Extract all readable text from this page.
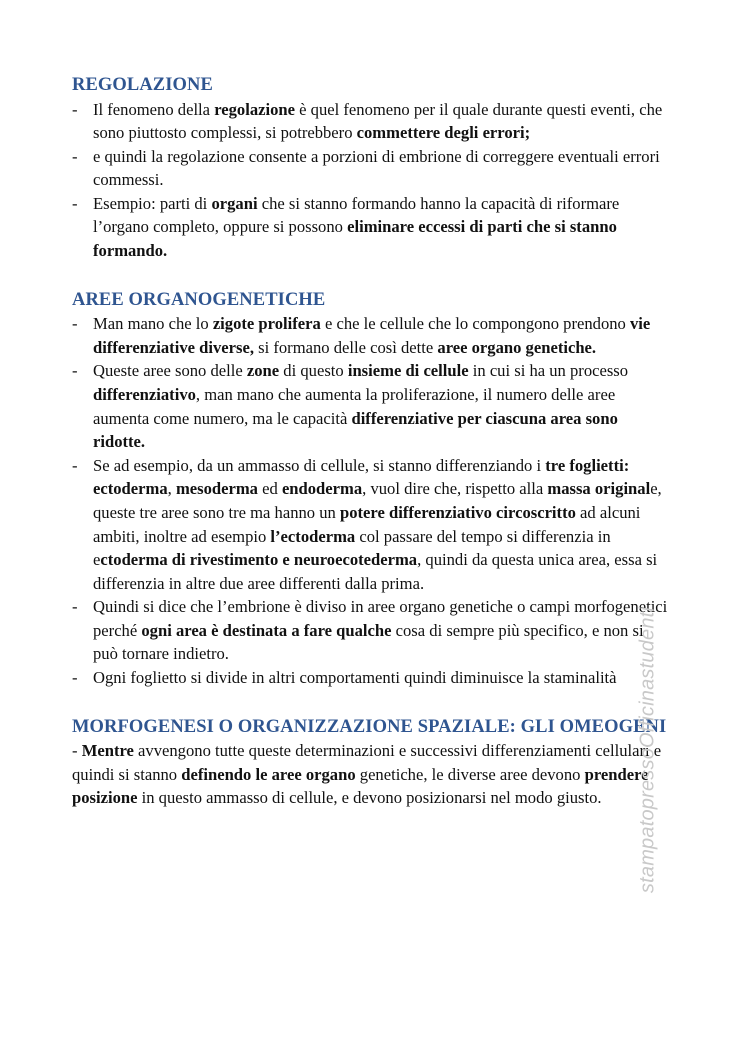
REGOLAZIONE
- Il fenomeno della regolazione è quel fenomeno per il quale durante questi eventi, che sono piuttosto complessi, si potrebbero commettere degli errori;
- e quindi la regolazione consente a porzioni di embrione di correggere eventuali errori commessi.
- Esempio: parti di organi che si stanno formando hanno la capacità di riformare l’organo completo, oppure si possono eliminare eccessi di parti che si stanno formando.
AREE ORGANOGENETICHE
- Man mano che lo zigote prolifera e che le cellule che lo compongono prendono vie differenziative diverse, si formano delle così dette aree organo genetiche.
- Queste aree sono delle zone di questo insieme di cellule in cui si ha un processo differenziativo, man mano che aumenta la proliferazione, il numero delle aree aumenta come numero, ma le capacità differenziative per ciascuna area sono ridotte.
- Se ad esempio, da un ammasso di cellule, si stanno differenziando i tre foglietti: ectoderma, mesoderma ed endoderma, vuol dire che, rispetto alla massa originale, queste tre aree sono tre ma hanno un potere differenziativo circoscritto ad alcuni ambiti, inoltre ad esempio l’ectoderma col passare del tempo si differenzia in ectoderma di rivestimento e neuroecotederma, quindi da questa unica area, essa si differenzia in altre due aree differenti dalla prima.
- Quindi si dice che l’embrione è diviso in aree organo genetiche o campi morfogenetici perché ogni area è destinata a fare qualche cosa di sempre più specifico, e non si può tornare indietro.
- Ogni foglietto si divide in altri comportamenti quindi diminuisce la staminalità
MORFOGENESI O ORGANIZZAZIONE SPAZIALE: GLI OMEOGENI

- Mentre avvengono tutte queste determinazioni e successivi differenziamenti cellulari e quindi si stanno definendo le aree organo genetiche, le diverse aree devono prendere posizione in questo ammasso di cellule, e devono posizionarsi nel modo giusto.	stampatopressoOfficinastudenti
